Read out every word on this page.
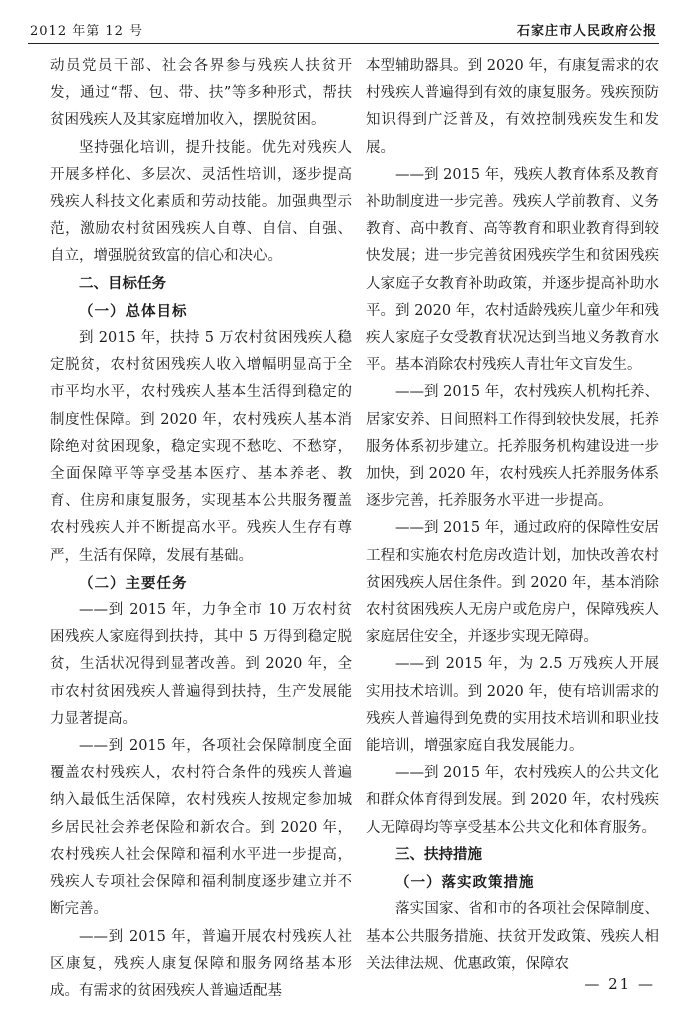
2012 年第 12 号	石家庄市人民政府公报

动员党员干部、社会各界参与残疾人扶贫开发，通过“帮、包、带、扶”等多种形式，帮扶贫困残疾人及其家庭增加收入，摆脱贫困。

坚持强化培训，提升技能。优先对残疾人开展多样化、多层次、灵活性培训，逐步提高残疾人科技文化素质和劳动技能。加强典型示范，激励农村贫困残疾人自尊、自信、自强、自立，增强脱贫致富的信心和决心。

二、目标任务

（一）总体目标

到 2015 年，扶持 5 万农村贫困残疾人稳定脱贫，农村贫困残疾人收入增幅明显高于全市平均水平，农村残疾人基本生活得到稳定的制度性保障。到 2020 年，农村残疾人基本消除绝对贫困现象，稳定实现不愁吃、不愁穿，全面保障平等享受基本医疗、基本养老、教育、住房和康复服务，实现基本公共服务覆盖农村残疾人并不断提高水平。残疾人生存有尊严，生活有保障，发展有基础。

（二）主要任务

——到 2015 年，力争全市 10 万农村贫困残疾人家庭得到扶持，其中 5 万得到稳定脱贫，生活状况得到显著改善。到 2020 年，全市农村贫困残疾人普遍得到扶持，生产发展能力显著提高。

——到 2015 年，各项社会保障制度全面覆盖农村残疾人，农村符合条件的残疾人普遍纳入最低生活保障，农村残疾人按规定参加城乡居民社会养老保险和新农合。到 2020 年，农村残疾人社会保障和福利水平进一步提高，残疾人专项社会保障和福利制度逐步建立并不断完善。

——到 2015 年，普遍开展农村残疾人社区康复，残疾人康复保障和服务网络基本形成。有需求的贫困残疾人普遍适配基

本型辅助器具。到 2020 年，有康复需求的农村残疾人普遍得到有效的康复服务。残疾预防知识得到广泛普及，有效控制残疾发生和发展。

——到 2015 年，残疾人教育体系及教育补助制度进一步完善。残疾人学前教育、义务教育、高中教育、高等教育和职业教育得到较快发展；进一步完善贫困残疾学生和贫困残疾人家庭子女教育补助政策，并逐步提高补助水平。到 2020 年，农村适龄残疾儿童少年和残疾人家庭子女受教育状况达到当地义务教育水平。基本消除农村残疾人青壮年文盲发生。

——到 2015 年，农村残疾人机构托养、居家安养、日间照料工作得到较快发展，托养服务体系初步建立。托养服务机构建设进一步加快，到 2020 年，农村残疾人托养服务体系逐步完善，托养服务水平进一步提高。

——到 2015 年，通过政府的保障性安居工程和实施农村危房改造计划，加快改善农村贫困残疾人居住条件。到 2020 年，基本消除农村贫困残疾人无房户或危房户，保障残疾人家庭居住安全，并逐步实现无障碍。

——到 2015 年，为 2.5 万残疾人开展实用技术培训。到 2020 年，使有培训需求的残疾人普遍得到免费的实用技术培训和职业技能培训，增强家庭自我发展能力。

——到 2015 年，农村残疾人的公共文化和群众体育得到发展。到 2020 年，农村残疾人无障碍均等享受基本公共文化和体育服务。

三、扶持措施

（一）落实政策措施

落实国家、省和市的各项社会保障制度、基本公共服务措施、扶贫开发政策、残疾人相关法律法规、优惠政策，保障农

— 21 —
